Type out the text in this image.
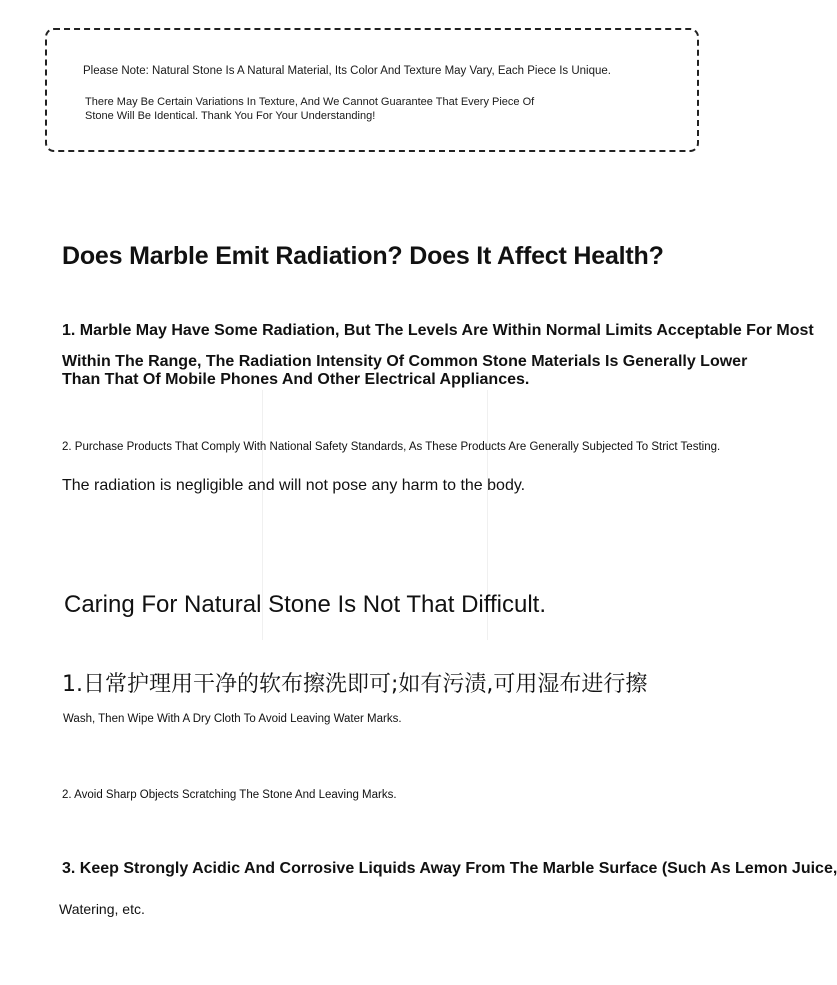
Please Note: Natural Stone Is A Natural Material, Its Color And Texture May Vary, Each Piece Is Unique.
There May Be Certain Variations In Texture, And We Cannot Guarantee That Every Piece Of
Stone Will Be Identical. Thank You For Your Understanding!
Does Marble Emit Radiation? Does It Affect Health?
1. Marble May Have Some Radiation, But The Levels Are Within Normal Limits Acceptable For Most
Within The Range, The Radiation Intensity Of Common Stone Materials Is Generally Lower
Than That Of Mobile Phones And Other Electrical Appliances.
2. Purchase Products That Comply With National Safety Standards, As These Products Are Generally Subjected To Strict Testing.
The radiation is negligible and will not pose any harm to the body.
Caring For Natural Stone Is Not That Difficult.
1.日常护理用干净的软布擦洗即可;如有污渍,可用湿布进行擦
Wash, Then Wipe With A Dry Cloth To Avoid Leaving Water Marks.
2. Avoid Sharp Objects Scratching The Stone And Leaving Marks.
3. Keep Strongly Acidic And Corrosive Liquids Away From The Marble Surface (Such As Lemon Juice,
Watering, etc.
